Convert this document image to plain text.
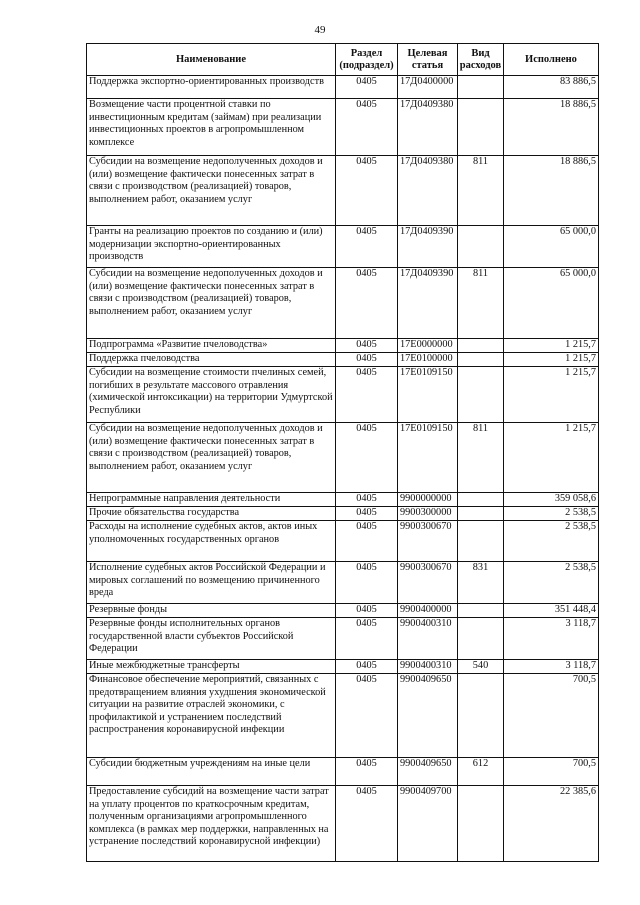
49
Наименование	Раздел (подраздел)	Целевая статья	Вид расходов	Исполнено
Поддержка экспортно-ориентированных производств	0405	17Д0400000		83 886,5
Возмещение части процентной ставки по инвестиционным кредитам (займам) при реализации инвестиционных проектов в агропромышленном комплексе	0405	17Д0409380		18 886,5
Субсидии на возмещение недополученных доходов и (или) возмещение фактически понесенных затрат в связи с производством (реализацией) товаров, выполнением работ, оказанием услуг	0405	17Д0409380	811	18 886,5
Гранты на реализацию проектов по созданию и (или) модернизации экспортно-ориентированных производств	0405	17Д0409390		65 000,0
Субсидии на возмещение недополученных доходов и (или) возмещение фактически понесенных затрат в связи с производством (реализацией) товаров, выполнением работ, оказанием услуг	0405	17Д0409390	811	65 000,0
Подпрограмма «Развитие пчеловодства»	0405	17Е0000000		1 215,7
Поддержка пчеловодства	0405	17Е0100000		1 215,7
Субсидии на возмещение стоимости пчелиных семей, погибших в результате массового отравления (химической интоксикации) на территории Удмуртской Республики	0405	17Е0109150		1 215,7
Субсидии на возмещение недополученных доходов и (или) возмещение фактически понесенных затрат в связи с производством (реализацией) товаров, выполнением работ, оказанием услуг	0405	17Е0109150	811	1 215,7
Непрограммные направления деятельности	0405	9900000000		359 058,6
Прочие обязательства государства	0405	9900300000		2 538,5
Расходы на исполнение судебных актов, актов иных уполномоченных государственных органов	0405	9900300670		2 538,5
Исполнение судебных актов Российской Федерации и мировых соглашений по возмещению причиненного вреда	0405	9900300670	831	2 538,5
Резервные фонды	0405	9900400000		351 448,4
Резервные фонды исполнительных органов государственной власти субъектов Российской Федерации	0405	9900400310		3 118,7
Иные межбюджетные трансферты	0405	9900400310	540	3 118,7
Финансовое обеспечение мероприятий, связанных с предотвращением влияния ухудшения экономической ситуации на развитие отраслей экономики, с профилактикой и устранением последствий распространения коронавирусной инфекции	0405	9900409650		700,5
Субсидии бюджетным учреждениям на иные цели	0405	9900409650	612	700,5
Предоставление субсидий на возмещение части затрат на уплату процентов по краткосрочным кредитам, полученным организациями агропромышленного комплекса (в рамках мер поддержки, направленных на устранение последствий коронавирусной инфекции)	0405	9900409700		22 385,6
